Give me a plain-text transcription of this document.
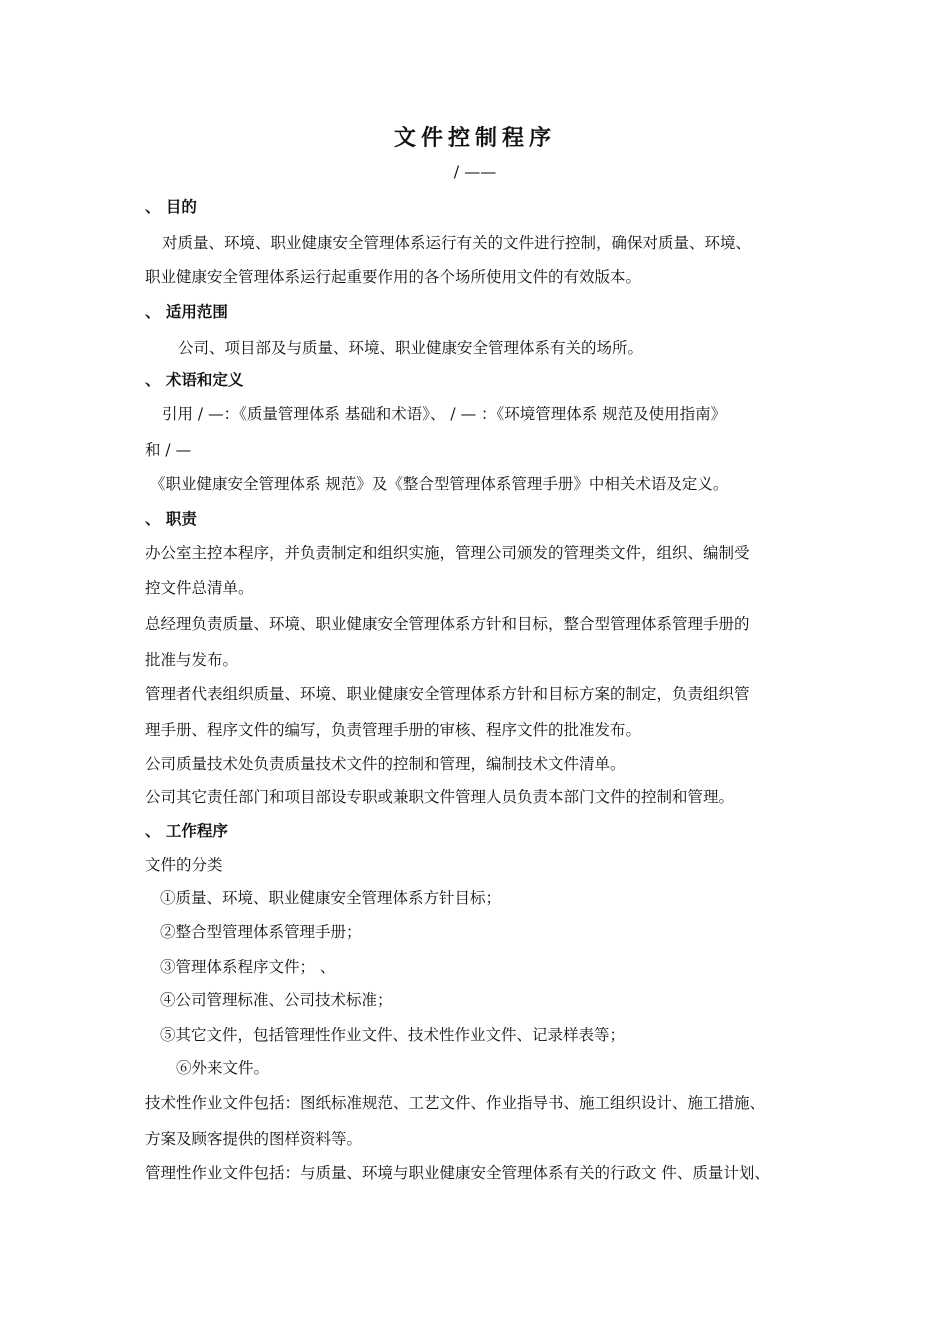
文件控制程序
/ ——
、 目的
对质量、环境、职业健康安全管理体系运行有关的文件进行控制，确保对质量、环境、
职业健康安全管理体系运行起重要作用的各个场所使用文件的有效版本。
、 适用范围
公司、项目部及与质量、环境、职业健康安全管理体系有关的场所。
、 术语和定义
引用 / —：《质量管理体系 基础和术语》、 / — ：《环境管理体系 规范及使用指南》
和 / —
《职业健康安全管理体系 规范》及《整合型管理体系管理手册》中相关术语及定义。
、 职责
办公室主控本程序，并负责制定和组织实施，管理公司颁发的管理类文件，组织、编制受
控文件总清单。
总经理负责质量、环境、职业健康安全管理体系方针和目标，整合型管理体系管理手册的
批准与发布。
管理者代表组织质量、环境、职业健康安全管理体系方针和目标方案的制定，负责组织管
理手册、程序文件的编写，负责管理手册的审核、程序文件的批准发布。
公司质量技术处负责质量技术文件的控制和管理，编制技术文件清单。
公司其它责任部门和项目部设专职或兼职文件管理人员负责本部门文件的控制和管理。
、 工作程序
文件的分类
①质量、环境、职业健康安全管理体系方针目标；
②整合型管理体系管理手册；
③管理体系程序文件； 、
④公司管理标准、公司技术标准；
⑤其它文件，包括管理性作业文件、技术性作业文件、记录样表等；
⑥外来文件。
技术性作业文件包括：图纸标准规范、工艺文件、作业指导书、施工组织设计、施工措施、
方案及顾客提供的图样资料等。
管理性作业文件包括：与质量、环境与职业健康安全管理体系有关的行政文 件、质量计划、
